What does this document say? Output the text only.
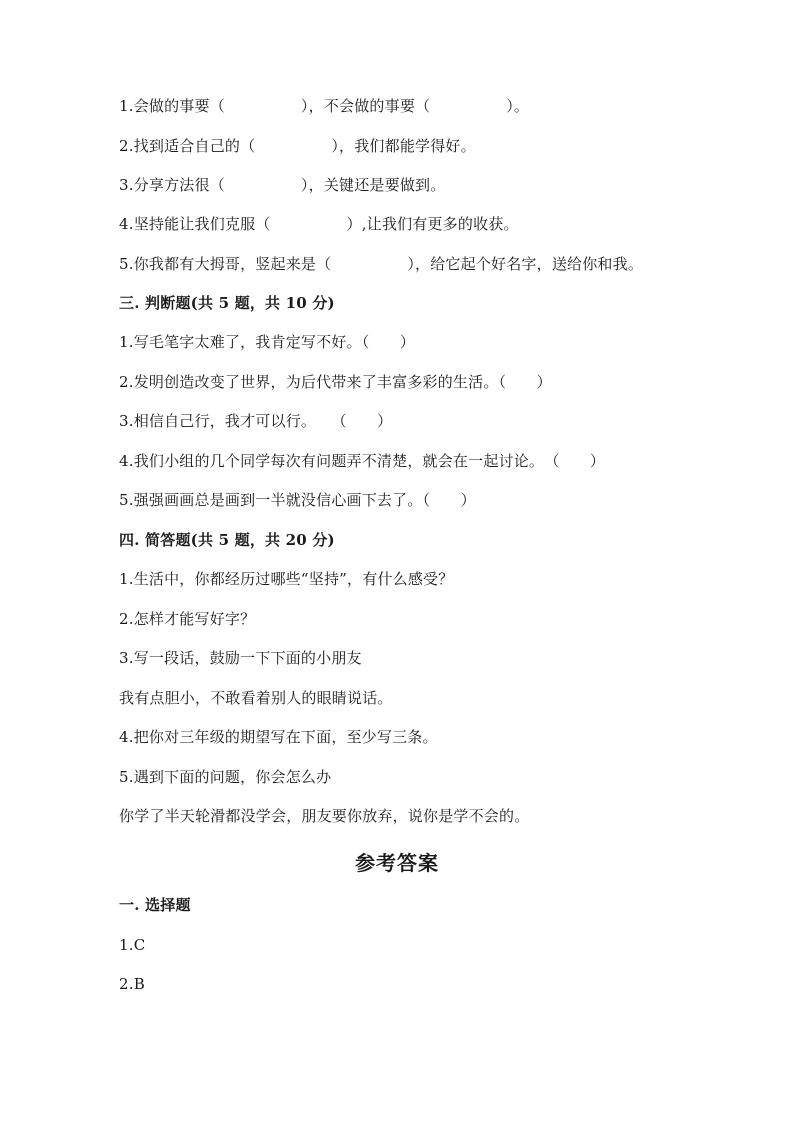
1.会做的事要（　　　　　），不会做的事要（　　　　　）。
2.找到适合自己的（　　　　　），我们都能学得好。
3.分享方法很（　　　　　），关键还是要做到。
4.坚持能让我们克服（　　　　　）,让我们有更多的收获。
5.你我都有大拇哥，竖起来是（　　　　　），给它起个好名字，送给你和我。
三. 判断题(共 5 题，共 10 分)
1.写毛笔字太难了，我肯定写不好。（　　）
2.发明创造改变了世界，为后代带来了丰富多彩的生活。（　　）
3.相信自己行，我才可以行。　　（　　）
4.我们小组的几个同学每次有问题弄不清楚，就会在一起讨论。　（　　）
5.强强画画总是画到一半就没信心画下去了。（　　）
四. 简答题(共 5 题，共 20 分)
1.生活中，你都经历过哪些“坚持”，有什么感受？
2.怎样才能写好字？
3.写一段话，鼓励一下下面的小朋友
我有点胆小，不敢看着别人的眼睛说话。
4.把你对三年级的期望写在下面，至少写三条。
5.遇到下面的问题，你会怎么办
你学了半天轮滑都没学会，朋友要你放弃，说你是学不会的。
参考答案
一. 选择题
1.C
2.B
